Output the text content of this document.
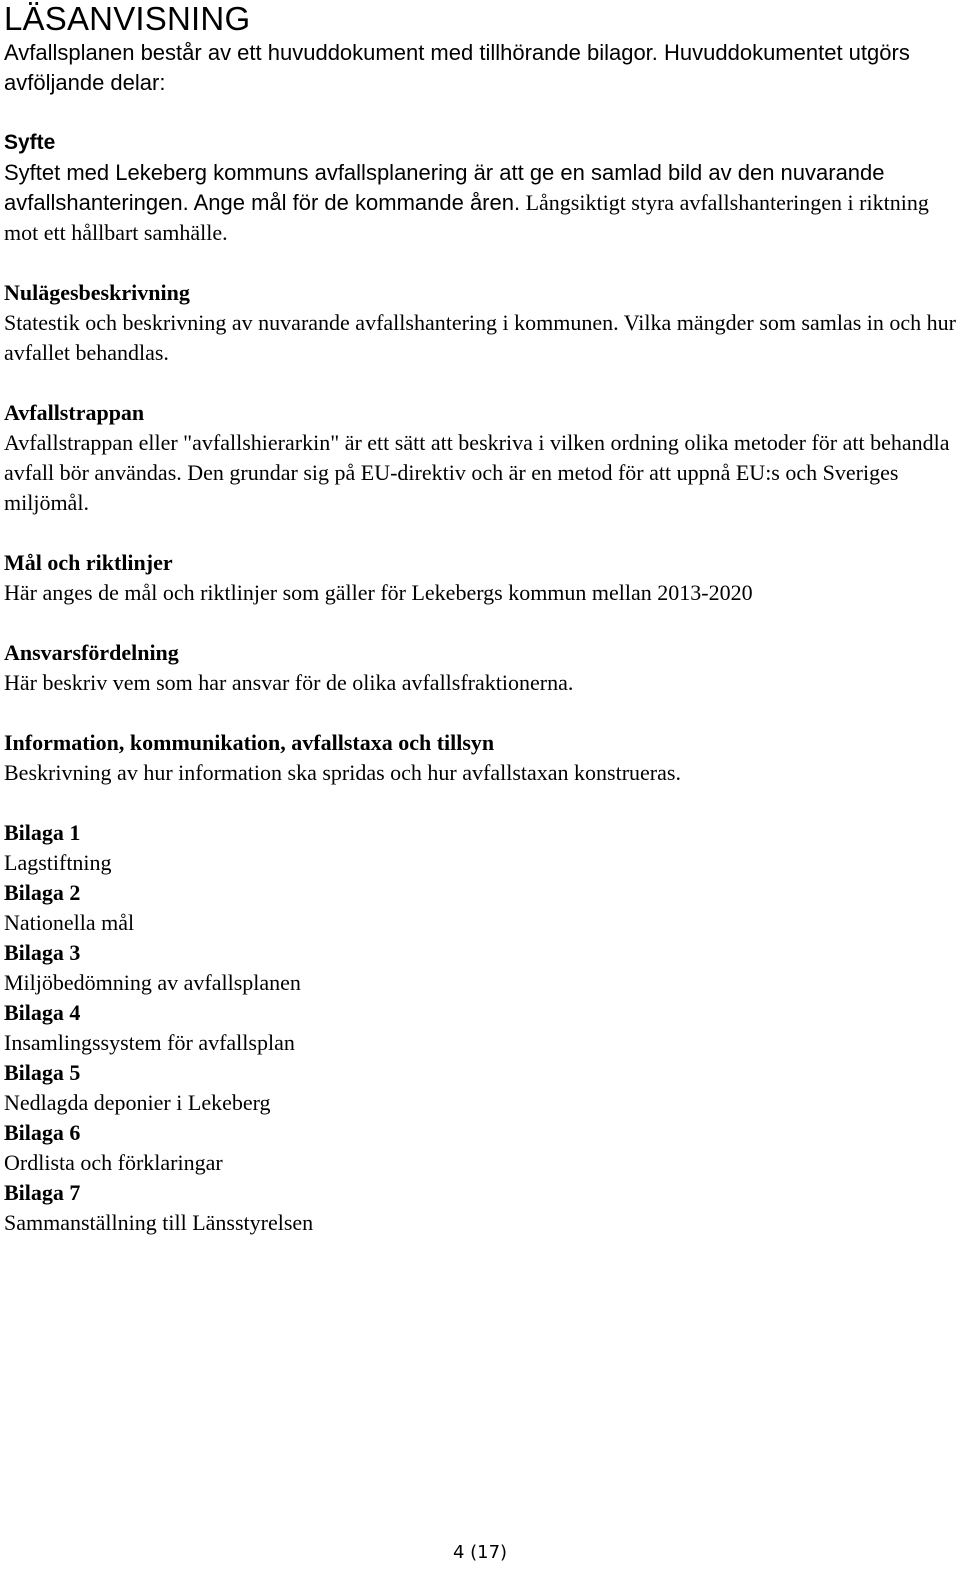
LÄSANVISNING

Avfallsplanen består av ett huvuddokument med tillhörande bilagor. Huvuddokumentet utgörs avföljande delar:

Syfte

Syftet med Lekeberg kommuns avfallsplanering är att ge en samlad bild av den nuvarande avfallshanteringen. Ange mål för de kommande åren. Långsiktigt styra avfallshanteringen i riktning mot ett hållbart samhälle.

Nulägesbeskrivning

Statestik och beskrivning av nuvarande avfallshantering i kommunen. Vilka mängder som samlas in och hur avfallet behandlas.

Avfallstrappan

Avfallstrappan eller "avfallshierarkin" är ett sätt att beskriva i vilken ordning olika metoder för att behandla avfall bör användas. Den grundar sig på EU-direktiv och är en metod för att uppnå EU:s och Sveriges miljömål.

Mål och riktlinjer

Här anges de mål och riktlinjer som gäller för Lekebergs kommun mellan 2013-2020

Ansvarsfördelning

Här beskriv vem som har ansvar för de olika avfallsfraktionerna.

Information, kommunikation, avfallstaxa och tillsyn

Beskrivning av hur information ska spridas och hur avfallstaxan konstrueras.

Bilaga 1

Lagstiftning

Bilaga 2

Nationella mål

Bilaga 3

Miljöbedömning av avfallsplanen

Bilaga 4

Insamlingssystem för avfallsplan

Bilaga 5

Nedlagda deponier i Lekeberg

Bilaga 6

Ordlista och förklaringar

Bilaga 7

Sammanställning till Länsstyrelsen

4 (17)
